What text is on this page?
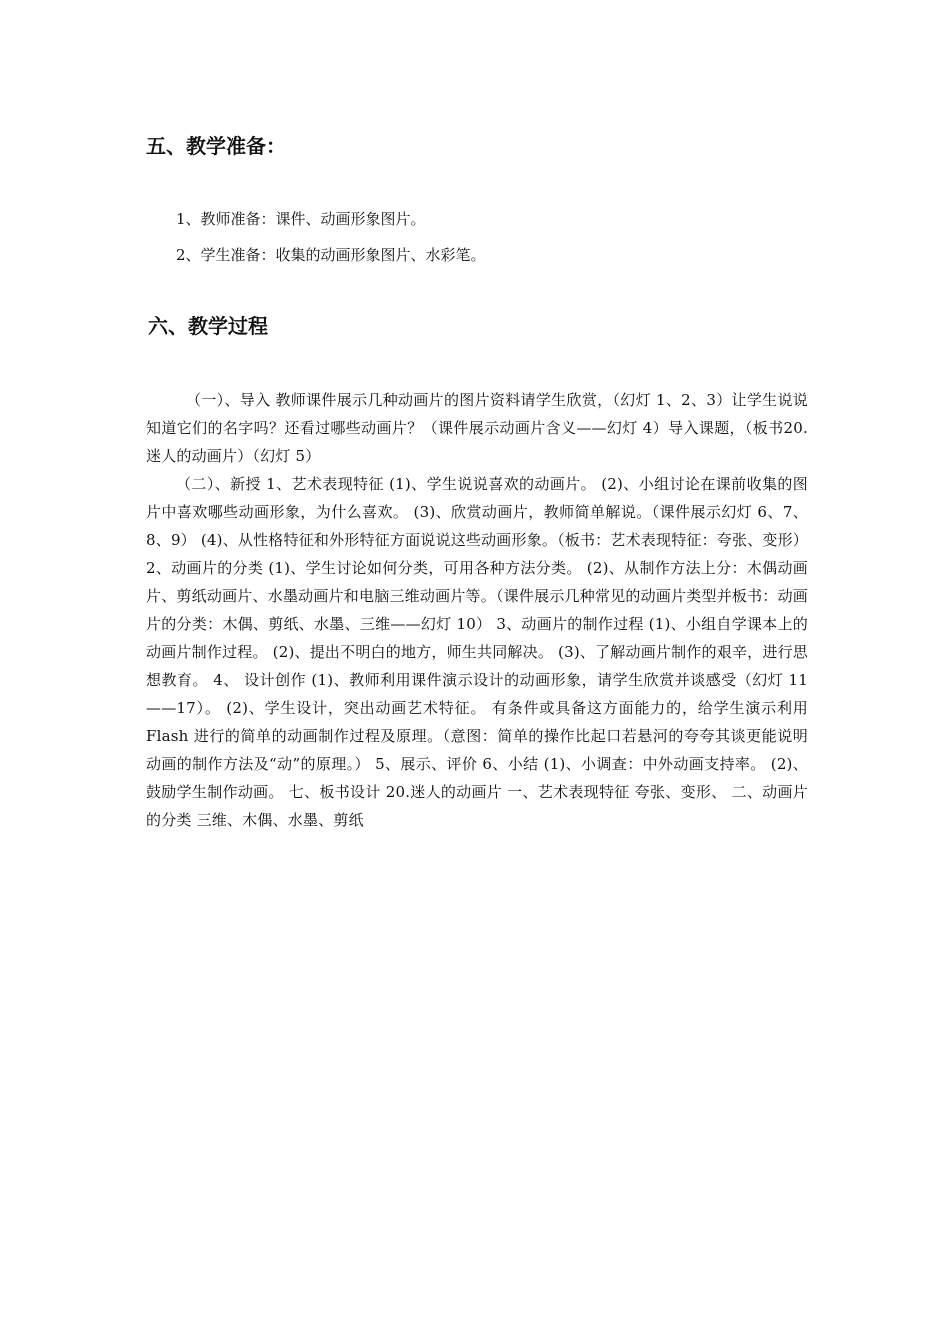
五、教学准备：

1、教师准备：课件、动画形象图片。

2、学生准备：收集的动画形象图片、水彩笔。

六、教学过程

（一）、导入 教师课件展示几种动画片的图片资料请学生欣赏，（幻灯 1、2、3）让学生说说知道它们的名字吗？还看过哪些动画片？（课件展示动画片含义——幻灯 4）导入课题，（板书20.迷人的动画片）（幻灯 5）

（二）、新授 1、艺术表现特征 (1)、学生说说喜欢的动画片。 (2)、小组讨论在课前收集的图片中喜欢哪些动画形象，为什么喜欢。 (3)、欣赏动画片，教师简单解说。（课件展示幻灯 6、7、8、9） (4)、从性格特征和外形特征方面说说这些动画形象。（板书：艺术表现特征：夸张、变形） 2、动画片的分类 (1)、学生讨论如何分类，可用各种方法分类。 (2)、从制作方法上分：木偶动画片、剪纸动画片、水墨动画片和电脑三维动画片等。（课件展示几种常见的动画片类型并板书：动画片的分类：木偶、剪纸、水墨、三维——幻灯 10） 3、动画片的制作过程 (1)、小组自学课本上的动画片制作过程。 (2)、提出不明白的地方，师生共同解决。 (3)、了解动画片制作的艰辛，进行思想教育。 4、 设计创作 (1)、教师利用课件演示设计的动画形象，请学生欣赏并谈感受（幻灯 11——17）。 (2)、学生设计，突出动画艺术特征。 有条件或具备这方面能力的，给学生演示利用 Flash 进行的简单的动画制作过程及原理。（意图：简单的操作比起口若悬河的夸夸其谈更能说明动画的制作方法及“动”的原理。） 5、展示、评价 6、小结 (1)、小调查：中外动画支持率。 (2)、鼓励学生制作动画。 七、板书设计 20.迷人的动画片 一、艺术表现特征 夸张、变形、 二、动画片的分类 三维、木偶、水墨、剪纸
